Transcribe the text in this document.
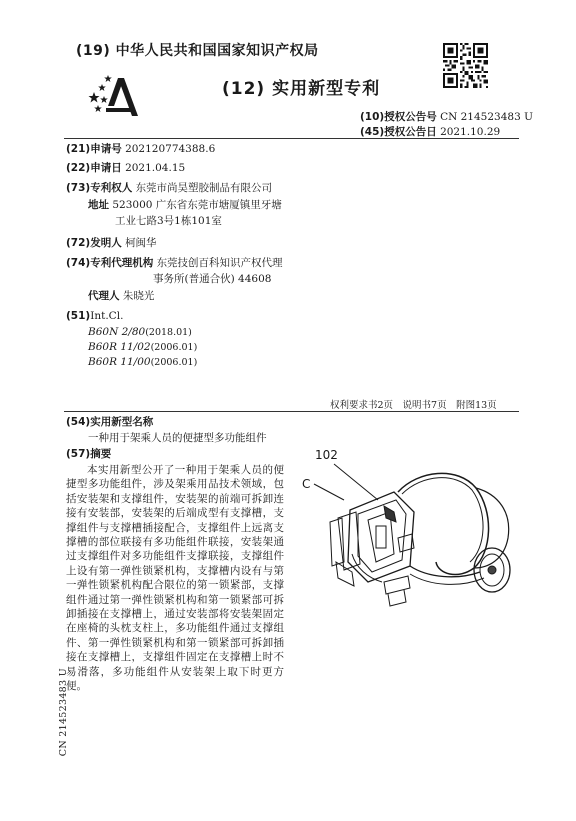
(19) 中华人民共和国国家知识产权局
(12) 实用新型专利
(10)授权公告号 CN 214523483 U
(45)授权公告日 2021.10.29
(21)申请号 202120774388.6
(22)申请日 2021.04.15
(73)专利权人 东莞市尚昊塑胶制品有限公司
地址 523000 广东省东莞市塘厦镇里牙塘
工业七路3号1栋101室
(72)发明人 柯闽华
(74)专利代理机构 东莞技创百科知识产权代理
事务所(普通合伙) 44608
代理人 朱晓光
(51)Int.Cl.
B60N 2/80(2018.01)
B60R 11/02(2006.01)
B60R 11/00(2006.01)
权利要求书2页　说明书7页　附图13页
(54)实用新型名称
一种用于架乘人员的便捷型多功能组件
(57)摘要
本实用新型公开了一种用于架乘人员的便捷型多功能组件，涉及架乘用品技术领域，包括安装架和支撑组件，安装架的前端可拆卸连接有安装部，安装架的后端成型有支撑槽，支撑组件与支撑槽插接配合，支撑组件上远离支撑槽的部位联接有多功能组件联接，安装架通过支撑组件对多功能组件支撑联接，支撑组件上设有第一弹性锁紧机构，支撑槽内设有与第一弹性锁紧机构配合限位的第一锁紧部，支撑组件通过第一弹性锁紧机构和第一锁紧部可拆卸插接在支撑槽上，通过安装部将安装架固定在座椅的头枕支柱上，多功能组件通过支撑组件、第一弹性锁紧机构和第一锁紧部可拆卸插接在支撑槽上，支撑组件固定在支撑槽上时不易滑落，多功能组件从安装架上取下时更方便。
102
C
CN 214523483 U
